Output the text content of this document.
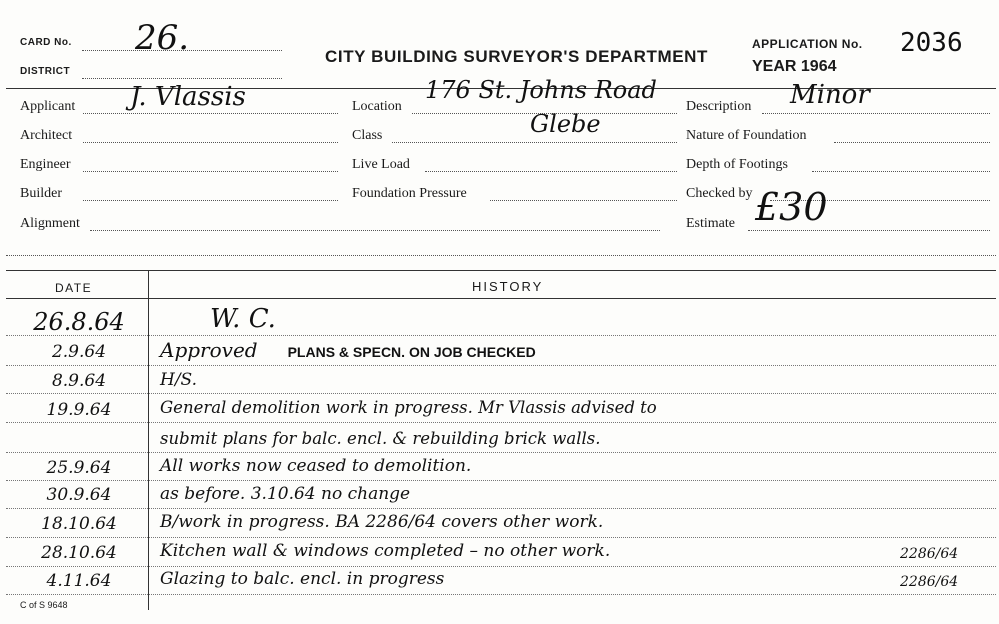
CARD No. 26.
DISTRICT
CITY BUILDING SURVEYOR'S DEPARTMENT
APPLICATION No. 2036
YEAR 1964
Applicant J. Vlassis
Architect
Engineer
Builder
Alignment
Location
176 St. Johns Road
Glebe
Class
Live Load
Foundation Pressure
Description Minor
Nature of Foundation
Depth of Footings
Checked by
Estimate £30
DATE	HISTORY
26.8.64	W. C.
2.9.64	Approved PLANS & SPECN. ON JOB CHECKED
8.9.64	H/S.
19.9.64	General demolition work in progress. Mr Vlassis advised to
submit plans for balc. encl. & rebuilding brick walls.
25.9.64	All works now ceased to demolition.
30.9.64	as before. 3.10.64 no change
18.10.64	B/work in progress. BA 2286/64 covers other work.
28.10.64	Kitchen wall & windows completed – no other work.	2286/64
4.11.64	Glazing to balc. encl. in progress	2286/64
C of S 9648
